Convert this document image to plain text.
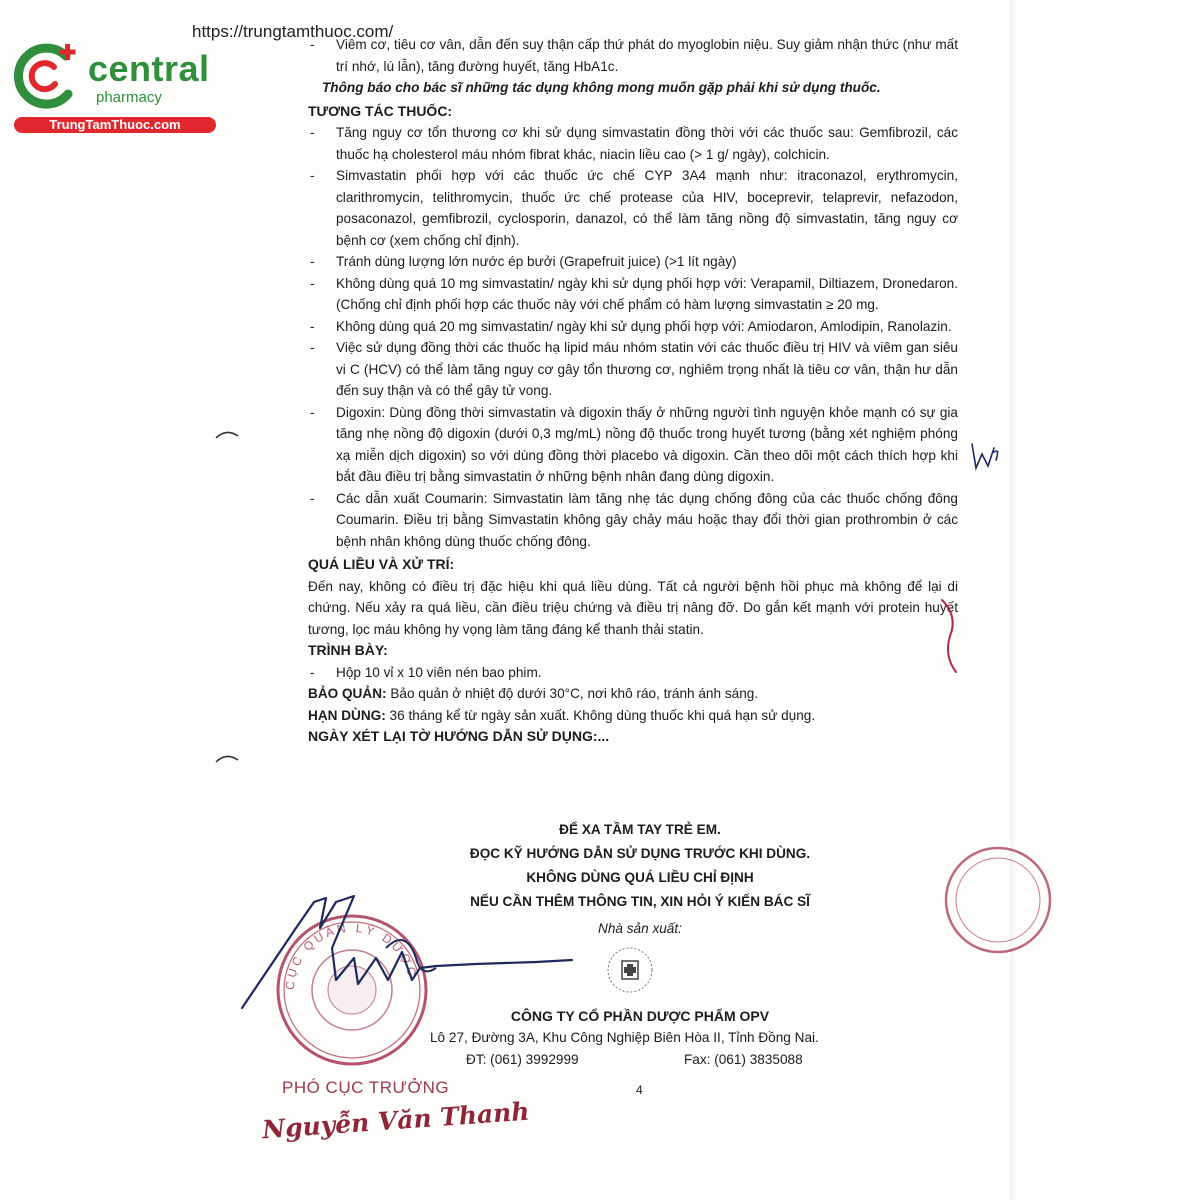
https://trungtamthuoc.com/
central
pharmacy
TrungTamThuoc.com
- Viêm cơ, tiêu cơ vân, dẫn đến suy thận cấp thứ phát do myoglobin niệu. Suy giảm nhận thức (như mất trí nhớ, lú lẫn), tăng đường huyết, tăng HbA1c.

Thông báo cho bác sĩ những tác dụng không mong muốn gặp phải khi sử dụng thuốc.

TƯƠNG TÁC THUỐC:

- Tăng nguy cơ tổn thương cơ khi sử dụng simvastatin đồng thời với các thuốc sau: Gemfibrozil, các thuốc hạ cholesterol máu nhóm fibrat khác, niacin liều cao (> 1 g/ ngày), colchicin.
- Simvastatin phối hợp với các thuốc ức chế CYP 3A4 mạnh như: itraconazol, erythromycin, clarithromycin, telithromycin, thuốc ức chế protease của HIV, boceprevir, telaprevir, nefazodon, posaconazol, gemfibrozil, cyclosporin, danazol, có thể làm tăng nồng độ simvastatin, tăng nguy cơ bệnh cơ (xem chống chỉ định).
- Tránh dùng lượng lớn nước ép bưởi (Grapefruit juice) (>1 lít ngày)
- Không dùng quá 10 mg simvastatin/ ngày khi sử dụng phối hợp với: Verapamil, Diltiazem, Dronedaron. (Chống chỉ định phối hợp các thuốc này với chế phẩm có hàm lượng simvastatin ≥ 20 mg.
- Không dùng quá 20 mg simvastatin/ ngày khi sử dụng phối hợp với: Amiodaron, Amlodipin, Ranolazin.
- Việc sử dụng đồng thời các thuốc hạ lipid máu nhóm statin với các thuốc điều trị HIV và viêm gan siêu vi C (HCV) có thể làm tăng nguy cơ gây tổn thương cơ, nghiêm trọng nhất là tiêu cơ vân, thận hư dẫn đến suy thận và có thể gây tử vong.
- Digoxin: Dùng đồng thời simvastatin và digoxin thấy ở những người tình nguyện khỏe mạnh có sự gia tăng nhẹ nồng độ digoxin (dưới 0,3 mg/mL) nồng độ thuốc trong huyết tương (bằng xét nghiệm phóng xạ miễn dịch digoxin) so với dùng đồng thời placebo và digoxin. Cần theo dõi một cách thích hợp khi bắt đầu điều trị bằng simvastatin ở những bệnh nhân đang dùng digoxin.
- Các dẫn xuất Coumarin: Simvastatin làm tăng nhẹ tác dụng chống đông của các thuốc chống đông Coumarin. Điều trị bằng Simvastatin không gây chảy máu hoặc thay đổi thời gian prothrombin ở các bệnh nhân không dùng thuốc chống đông.

QUÁ LIỀU VÀ XỬ TRÍ:

Đến nay, không có điều trị đặc hiệu khi quá liều dùng. Tất cả người bệnh hồi phục mà không để lại di chứng. Nếu xảy ra quá liều, cần điều triệu chứng và điều trị nâng đỡ. Do gắn kết mạnh với protein huyết tương, lọc máu không hy vọng làm tăng đáng kể thanh thải statin.

TRÌNH BÀY:

- Hộp 10 vỉ x 10 viên nén bao phim.

BẢO QUẢN: Bảo quản ở nhiệt độ dưới 30°C, nơi khô ráo, tránh ánh sáng.

HẠN DÙNG: 36 tháng kể từ ngày sản xuất. Không dùng thuốc khi quá hạn sử dụng.

NGÀY XÉT LẠI TỜ HƯỚNG DẪN SỬ DỤNG:...

ĐỂ XA TẦM TAY TRẺ EM.
ĐỌC KỸ HƯỚNG DẪN SỬ DỤNG TRƯỚC KHI DÙNG.
KHÔNG DÙNG QUÁ LIỀU CHỈ ĐỊNH
NẾU CẦN THÊM THÔNG TIN, XIN HỎI Ý KIẾN BÁC SĨ
Nhà sản xuất:
CÔNG TY CỔ PHẦN DƯỢC PHẨM OPV
Lô 27, Đường 3A, Khu Công Nghiệp Biên Hòa II, Tỉnh Đồng Nai.
ĐT: (061) 3992999	Fax: (061) 3835088
4
CỤC QUẢN LÝ DƯỢC
PHÓ CỤC TRƯỞNG
Nguyễn Văn Thanh
